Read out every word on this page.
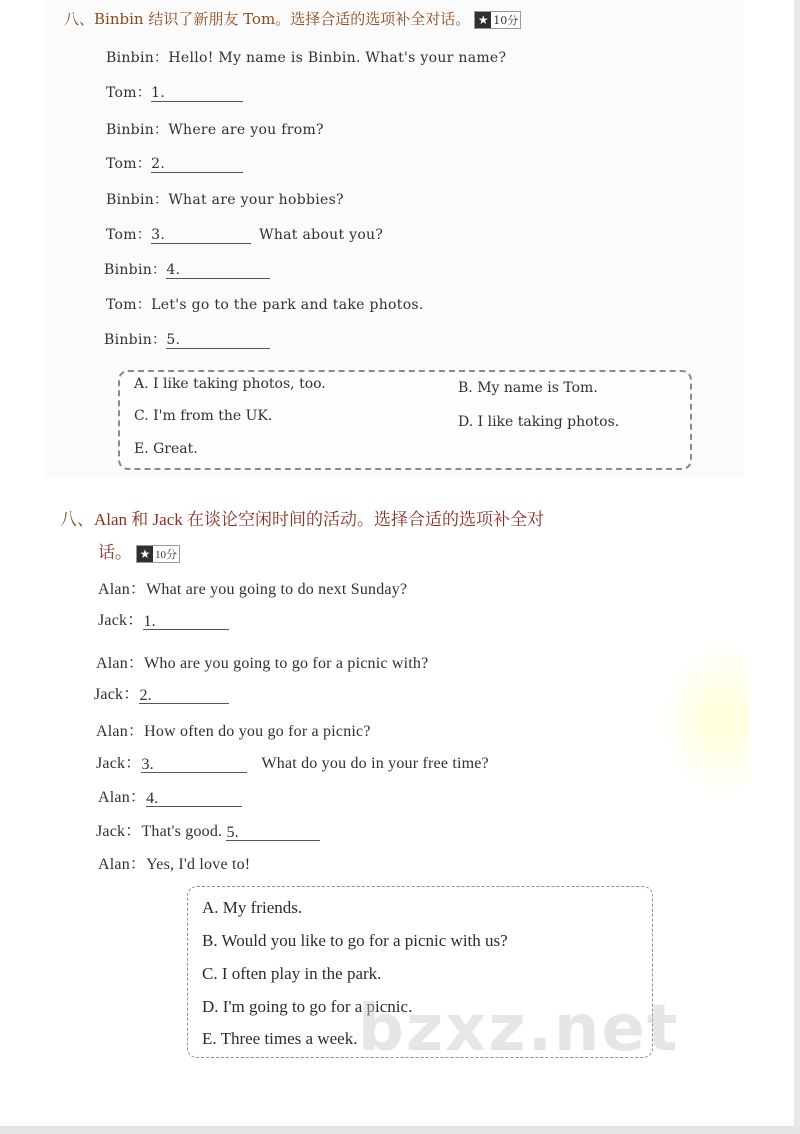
八、Binbin 结识了新朋友 Tom。选择合适的选项补全对话。 ★ 10分
Binbin：Hello! My name is Binbin. What's your name?
Tom：1.
Binbin：Where are you from?
Tom：2.
Binbin：What are your hobbies?
Tom：3.	What about you?
Binbin：4.
Tom：Let's go to the park and take photos.
Binbin：5.
A. I like taking photos, too.	B. My name is Tom.
C. I'm from the UK.	D. I like taking photos.
E. Great.
八、Alan 和 Jack 在谈论空闲时间的活动。选择合适的选项补全对
话。 ★ 10分
Alan：What are you going to do next Sunday?
Jack：1.
Alan：Who are you going to go for a picnic with?
Jack：2.
Alan：How often do you go for a picnic?
Jack：3.	What do you do in your free time?
Alan：4.
Jack：That's good. 5.
Alan：Yes, I'd love to!
A. My friends.
B. Would you like to go for a picnic with us?
C. I often play in the park.
D. I'm going to go for a picnic.
E. Three times a week. bzxz.net
